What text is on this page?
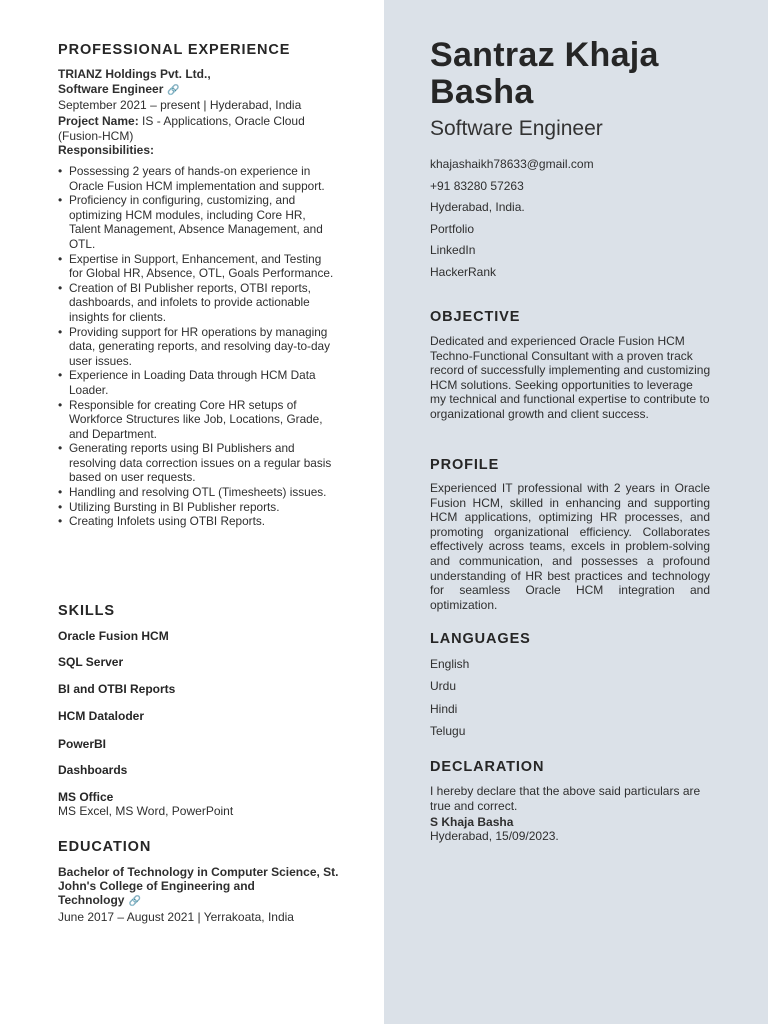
PROFESSIONAL EXPERIENCE
TRIANZ Holdings Pvt. Ltd.,
Software Engineer 🔗
September 2021 – present | Hyderabad, India
Project Name: IS - Applications, Oracle Cloud (Fusion-HCM)
Responsibilities:
• Possessing 2 years of hands-on experience in Oracle Fusion HCM implementation and support.
• Proficiency in configuring, customizing, and optimizing HCM modules, including Core HR, Talent Management, Absence Management, and OTL.
• Expertise in Support, Enhancement, and Testing for Global HR, Absence, OTL, Goals Performance.
• Creation of BI Publisher reports, OTBI reports, dashboards, and infolets to provide actionable insights for clients.
• Providing support for HR operations by managing data, generating reports, and resolving day-to-day user issues.
• Experience in Loading Data through HCM Data Loader.
• Responsible for creating Core HR setups of Workforce Structures like Job, Locations, Grade, and Department.
• Generating reports using BI Publishers and resolving data correction issues on a regular basis based on user requests.
• Handling and resolving OTL (Timesheets) issues.
• Utilizing Bursting in BI Publisher reports.
• Creating Infolets using OTBI Reports.
SKILLS
Oracle Fusion HCM
SQL Server
BI and OTBI Reports
HCM Dataloder
PowerBI
Dashboards
MS Office
MS Excel, MS Word, PowerPoint
EDUCATION
Bachelor of Technology in Computer Science, St.
John's College of Engineering and
Technology 🔗
June 2017 – August 2021 | Yerrakoata, India
Santraz Khaja
Basha
Software Engineer
khajashaikh78633@gmail.com
+91 83280 57263
Hyderabad, India.
Portfolio
LinkedIn
HackerRank
OBJECTIVE
Dedicated and experienced Oracle Fusion HCM Techno-Functional Consultant with a proven track record of successfully implementing and customizing HCM solutions. Seeking opportunities to leverage my technical and functional expertise to contribute to organizational growth and client success.
PROFILE
Experienced IT professional with 2 years in Oracle Fusion HCM, skilled in enhancing and supporting HCM applications, optimizing HR processes, and promoting organizational efficiency. Collaborates effectively across teams, excels in problem-solving and communication, and possesses a profound understanding of HR best practices and technology for seamless Oracle HCM integration and optimization.
LANGUAGES
English
Urdu
Hindi
Telugu
DECLARATION
I hereby declare that the above said particulars are true and correct.
S Khaja Basha
Hyderabad, 15/09/2023.
